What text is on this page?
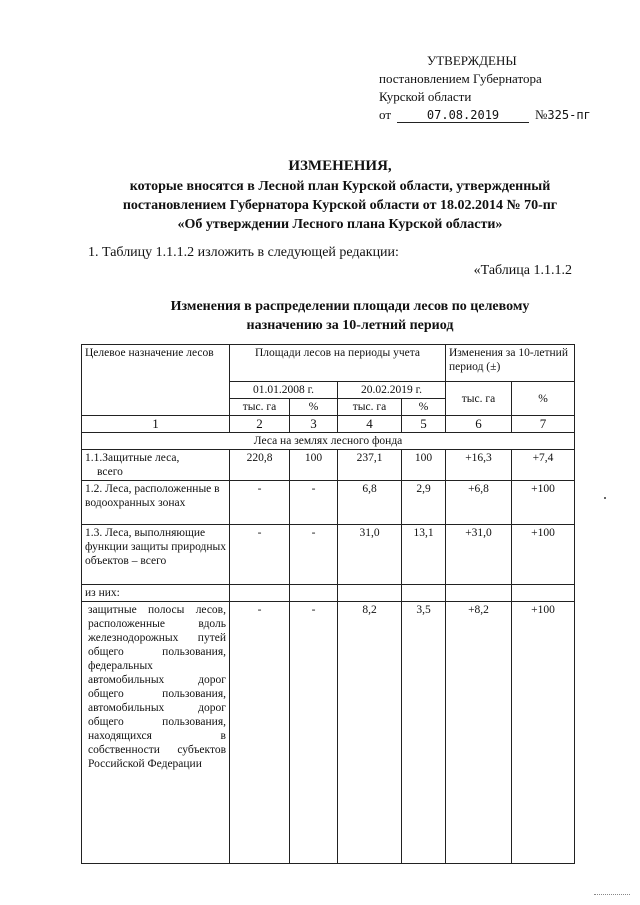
УТВЕРЖДЕНЫ
постановлением Губернатора
Курской области
от	07.08.2019	№ 325-пг
ИЗМЕНЕНИЯ,
которые вносятся в Лесной план Курской области, утвержденный
постановлением Губернатора Курской области от 18.02.2014 № 70-пг
«Об утверждении Лесного плана Курской области»
1. Таблицу 1.1.1.2 изложить в следующей редакции:
«Таблица 1.1.1.2
Изменения в распределении площади лесов по целевому
назначению за 10-летний период
Целевое назначение лесов	Площади лесов на периоды учета				Изменения за 10-летний период (±)	
	01.01.2008 г.		20.02.2019 г.		тыс. га	%
	тыс. га	%	тыс. га	%		
1	2	3	4	5	6	7
Леса на землях лесного фонда						

1.1.Защитные леса,
всего	220,8	100	237,1	100	+16,3	+7,4
1.2. Леса, расположенные в водоохранных зонах	-	-	6,8	2,9	+6,8	+100
1.3. Леса, выполняющие функции защиты природных объектов – всего	-	-	31,0	13,1	+31,0	+100
из них:						
защитные полосы лесов, расположенные вдоль железнодорожных путей общего пользования, федеральных автомобильных дорог общего пользования, автомобильных дорог общего пользования, находящихся в собственности субъектов Российской Федерации	-	-	8,2	3,5	+8,2	+100
